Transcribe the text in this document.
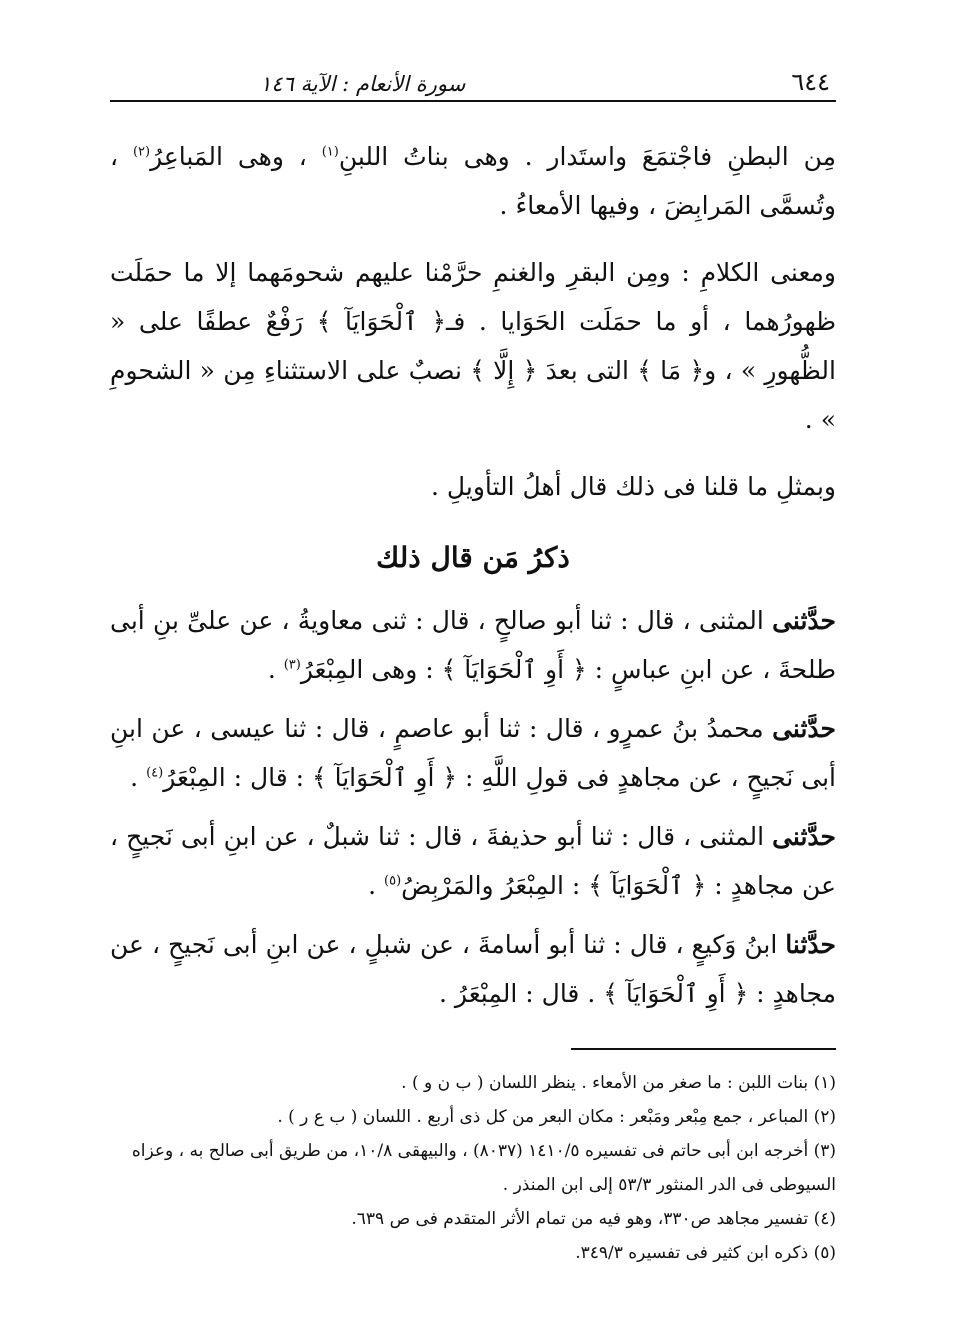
٦٤٤
سورة الأنعام : الآية ١٤٦

مِن البطنِ فاجْتمَعَ واستَدار . وهى بناتُ اللبنِ$^{(١)}$ ، وهى المَباعِرُ$^{(٢)}$ ، وتُسمَّى المَرابِضَ ، وفيها الأمعاءُ .

ومعنى الكلامِ : ومِن البقرِ والغنمِ حرَّمْنا عليهم شحومَهما إلا ما حمَلَت ظهورُهما ، أو ما حمَلَت الحَوَايا . فـ﴿ ٱلْحَوَايَآ ﴾ رَفْعٌ عطفًا على « الظُّهورِ » ، و﴿ مَا ﴾ التى بعدَ ﴿ إِلَّا ﴾ نصبٌ على الاستثناءِ مِن « الشحومِ » .

وبمثلِ ما قلنا فى ذلك قال أهلُ التأويلِ .

ذكرُ مَن قال ذلك

حدَّثنى المثنى ، قال : ثنا أبو صالحٍ ، قال : ثنى معاويةُ ، عن علىِّ بنِ أبى طلحةَ ، عن ابنِ عباسٍ : ﴿ أَوِ ٱلْحَوَايَآ ﴾ : وهى المِبْعَرُ$^{(٣)}$ .

حدَّثنى محمدُ بنُ عمرٍو ، قال : ثنا أبو عاصمٍ ، قال : ثنا عيسى ، عن ابنِ أبى نَجيحٍ ، عن مجاهدٍ فى قولِ اللَّهِ : ﴿ أَوِ ٱلْحَوَايَآ ﴾ : قال : المِبْعَرُ$^{(٤)}$ .

حدَّثنى المثنى ، قال : ثنا أبو حذيفةَ ، قال : ثنا شبلٌ ، عن ابنِ أبى نَجيحٍ ، عن مجاهدٍ : ﴿ ٱلْحَوَايَآ ﴾ : المِبْعَرُ والمَرْبِضُ$^{(٥)}$ .

حدَّثنا ابنُ وَكيعٍ ، قال : ثنا أبو أسامةَ ، عن شبلٍ ، عن ابنِ أبى نَجيحٍ ، عن مجاهدٍ : ﴿ أَوِ ٱلْحَوَايَآ ﴾ . قال : المِبْعَرُ .

(١) بنات اللبن : ما صغر من الأمعاء . ينظر اللسان ( ب ن و ) .

(٢) المباعر ، جمع مِبْعر ومَبْعر : مكان البعر من كل ذى أربع . اللسان ( ب ع ر ) .

(٣) أخرجه ابن أبى حاتم فى تفسيره ١٤١٠/٥ (٨٠٣٧) ، والبيهقى ١٠/٨، من طريق أبى صالح به ، وعزاه
السيوطى فى الدر المنثور ٥٣/٣ إلى ابن المنذر .

(٤) تفسير مجاهد ص٣٣٠، وهو فيه من تمام الأثر المتقدم فى ص ٦٣٩.

(٥) ذكره ابن كثير فى تفسيره ٣٤٩/٣.
